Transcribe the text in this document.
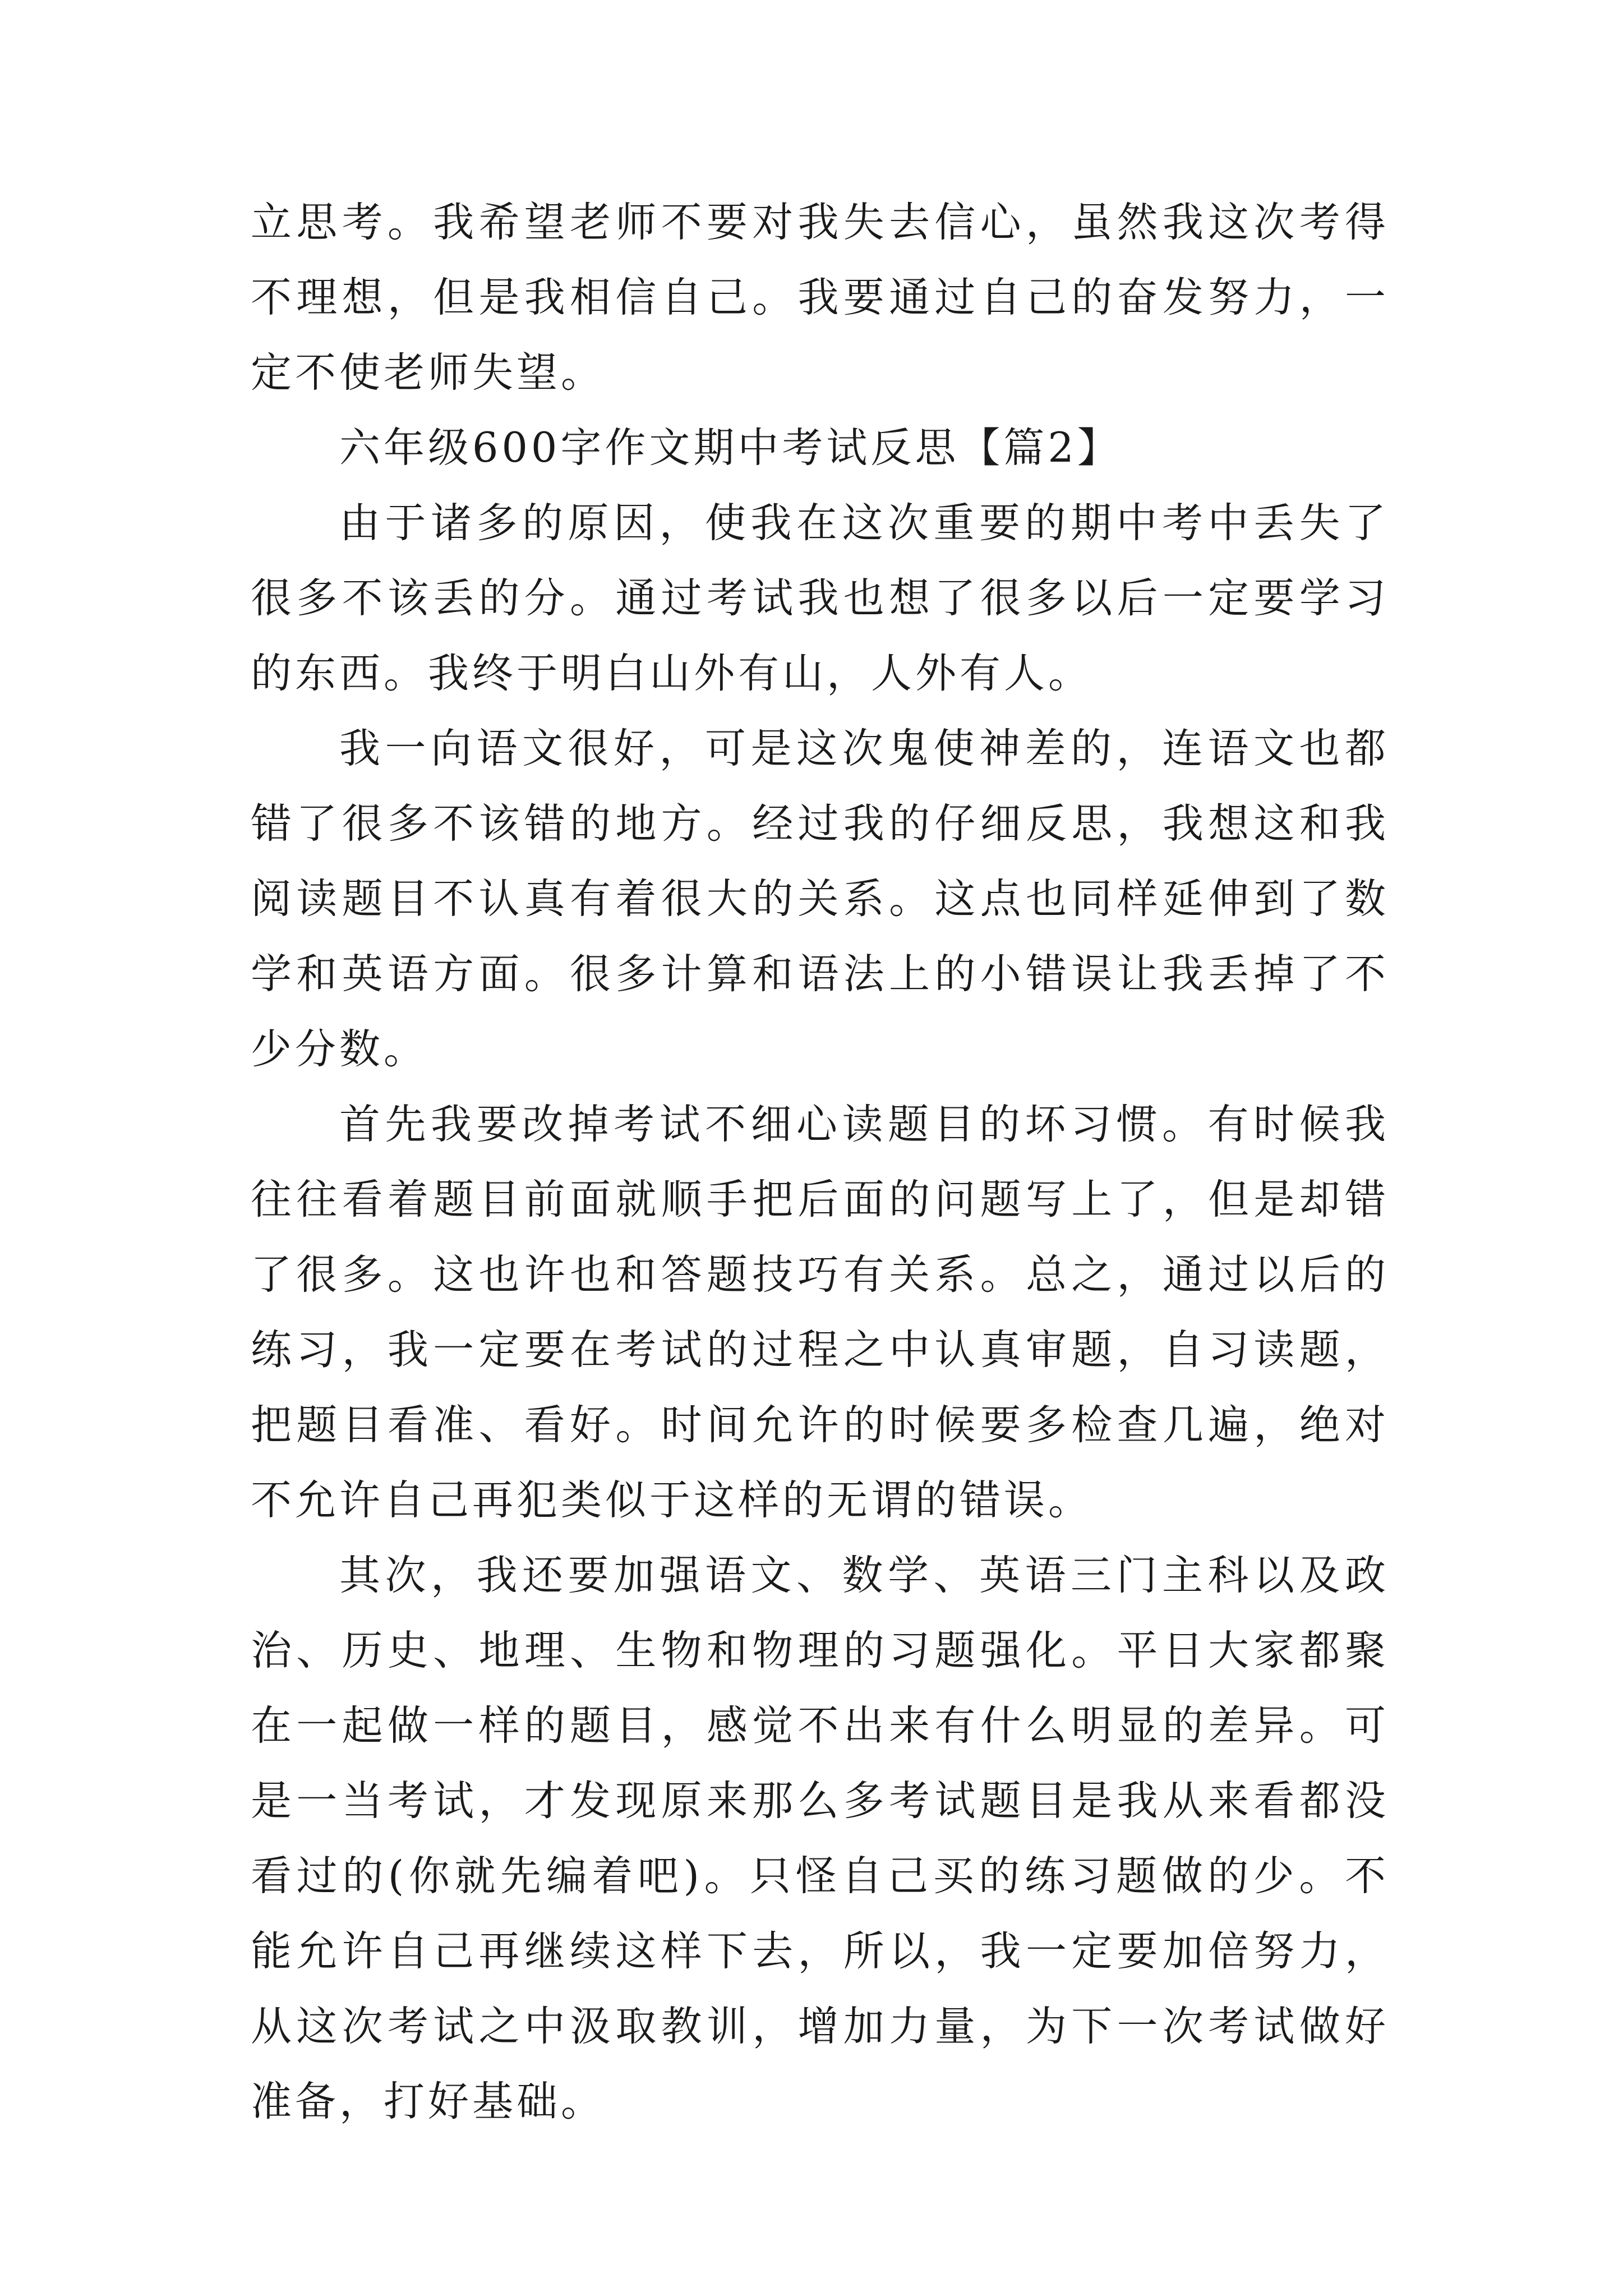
立思考。我希望老师不要对我失去信心，虽然我这次考得不理想，但是我相信自己。我要通过自己的奋发努力，一定不使老师失望。

六年级600字作文期中考试反思【篇2】

由于诸多的原因，使我在这次重要的期中考中丢失了很多不该丢的分。通过考试我也想了很多以后一定要学习的东西。我终于明白山外有山，人外有人。

我一向语文很好，可是这次鬼使神差的，连语文也都错了很多不该错的地方。经过我的仔细反思，我想这和我阅读题目不认真有着很大的关系。这点也同样延伸到了数学和英语方面。很多计算和语法上的小错误让我丢掉了不少分数。

首先我要改掉考试不细心读题目的坏习惯。有时候我往往看着题目前面就顺手把后面的问题写上了，但是却错了很多。这也许也和答题技巧有关系。总之，通过以后的练习，我一定要在考试的过程之中认真审题，自习读题，把题目看准、看好。时间允许的时候要多检查几遍，绝对不允许自己再犯类似于这样的无谓的错误。

其次，我还要加强语文、数学、英语三门主科以及政治、历史、地理、生物和物理的习题强化。平日大家都聚在一起做一样的题目，感觉不出来有什么明显的差异。可是一当考试，才发现原来那么多考试题目是我从来看都没看过的(你就先编着吧)。只怪自己买的练习题做的少。不能允许自己再继续这样下去，所以，我一定要加倍努力，从这次考试之中汲取教训，增加力量，为下一次考试做好准备，打好基础。
